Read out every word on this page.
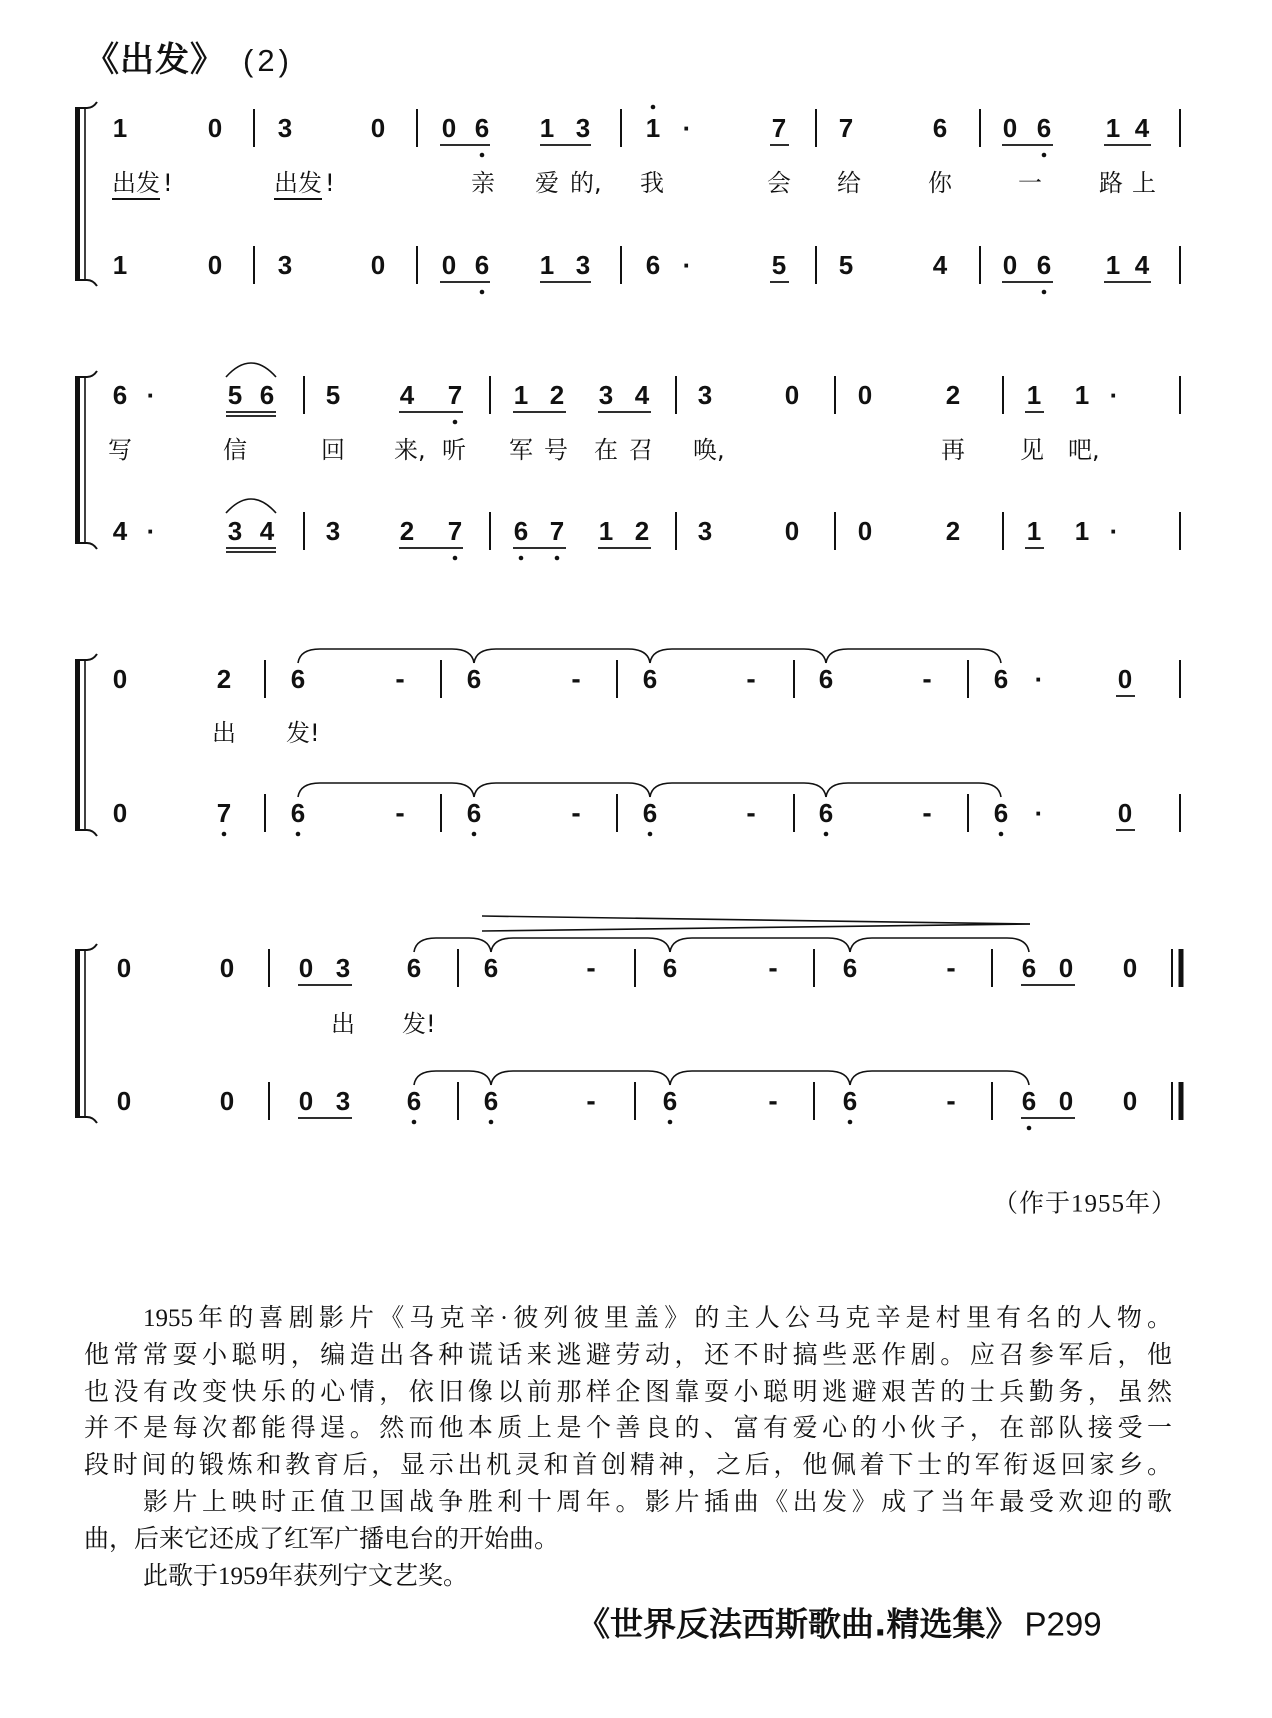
《出发》 (2)
1	0 3	0 0 6 1 3 1 ·	7 7	6 0 6 1 4
1	0 3	0 0 6 1 3 6 ·	5 5	4 0 6 1 4
出发 !	出发 !	亲 爱 的, 我	会 给	你	一 路 上
6 ·	5 6 5 4 7 1 2 3 4 3	0 0	2	1 1 ·
4 ·	3 4 3 2 7 6 7 1 2 3	0 0	2	1 1 ·
写	信	回 来, 听 军 号 在 召 唤,	再 见 吧,
0	2 6	- 6	- 6	- 6	- 6 ·	0
0	7 6	- 6	- 6	- 6	- 6 ·	0
出 发!
0	0 0 3 6 6	-	6	-	6	-	6 0 0
0	0 0 3 6 6	-	6	-	6	-	6 0 0
出 发!
（作于1955年）
1955年的喜剧影片《马克辛·彼列彼里盖》的主人公马克辛是村里有名的人物。
他常常耍小聪明，编造出各种谎话来逃避劳动，还不时搞些恶作剧。应召参军后，他
也没有改变快乐的心情，依旧像以前那样企图靠耍小聪明逃避艰苦的士兵勤务，虽然
并不是每次都能得逞。然而他本质上是个善良的、富有爱心的小伙子，在部队接受一
段时间的锻炼和教育后，显示出机灵和首创精神，之后，他佩着下士的军衔返回家乡。
影片上映时正值卫国战争胜利十周年。影片插曲《出发》成了当年最受欢迎的歌
曲，后来它还成了红军广播电台的开始曲。
此歌于1959年获列宁文艺奖。
《世界反法西斯歌曲.精选集》 P299
